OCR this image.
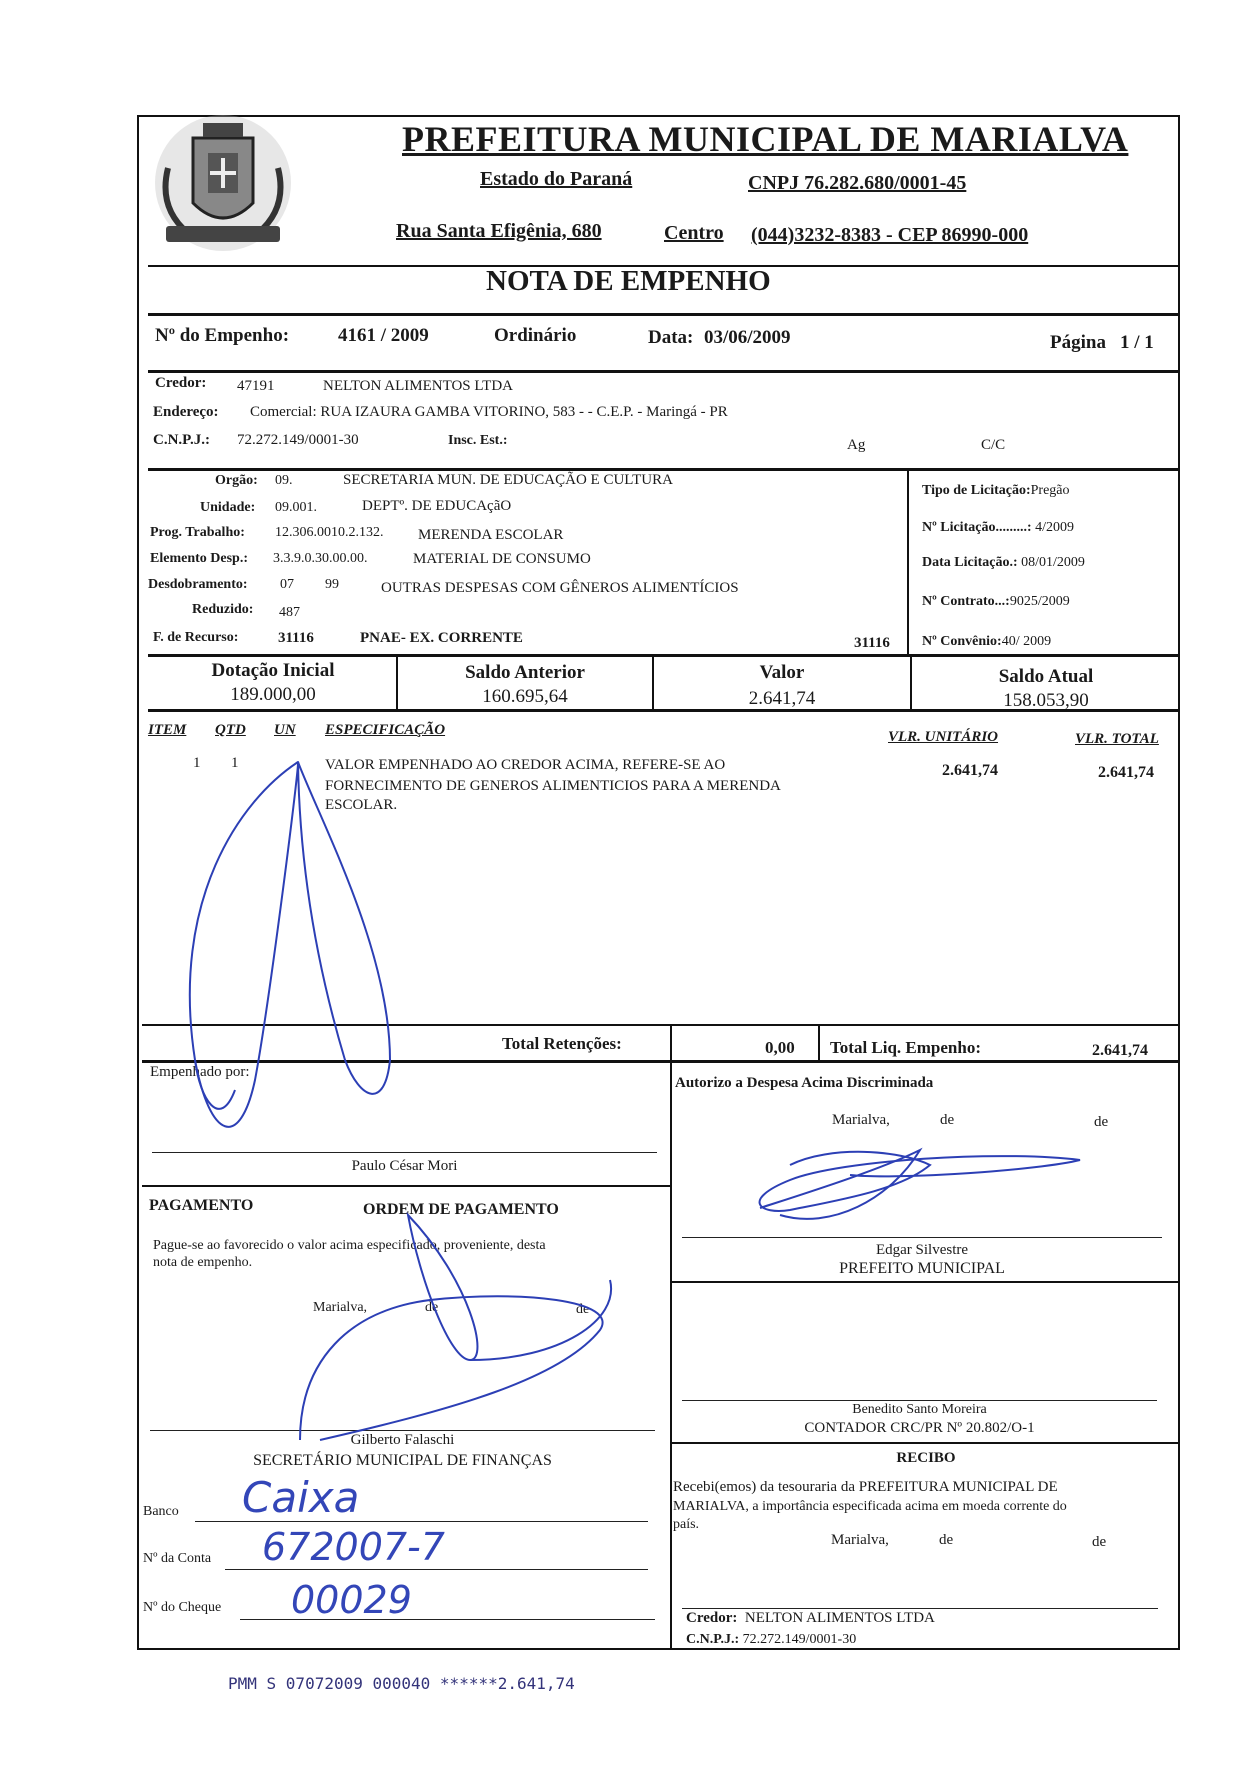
PREFEITURA MUNICIPAL DE MARIALVA
Estado do Paraná	CNPJ 76.282.680/0001-45
Rua Santa Efigênia, 680	Centro (044)3232-8383 - CEP 86990-000
NOTA DE EMPENHO
Nº do Empenho:	4161 / 2009	Ordinário	Data: 03/06/2009	Página 1 / 1
Credor: 47191	NELTON ALIMENTOS LTDA
Endereço: Comercial: RUA IZAURA GAMBA VITORINO, 583 - - C.E.P. - Maringá - PR
C.N.P.J.: 72.272.149/0001-30	Insc. Est.:	Ag	C/C
Orgão: 09.	SECRETARIA MUN. DE EDUCAÇÃO E CULTURA
Unidade: 09.001.	DEPTº. DE EDUCAçãO
Prog. Trabalho: 12.306.0010.2.132. MERENDA ESCOLAR
Elemento Desp.: 3.3.9.0.30.00.00.	MATERIAL DE CONSUMO
Desdobramento: 07 99	OUTRAS DESPESAS COM GÊNEROS ALIMENTÍCIOS
Reduzido: 487
F. de Recurso:	31116	PNAE- EX. CORRENTE	31116
Tipo de Licitação:Pregão
Nº Licitação.........: 4/2009
Data Licitação.: 08/01/2009
Nº Contrato...:9025/2009
Nº Convênio:40/ 2009
Dotação Inicial
189.000,00
Saldo Anterior
160.695,64
Valor
2.641,74
Saldo Atual
158.053,90
ITEM QTD UN ESPECIFICAÇÃO	VLR. UNITÁRIO	VLR. TOTAL
1 1	VALOR EMPENHADO AO CREDOR ACIMA, REFERE-SE AO
FORNECIMENTO DE GENEROS ALIMENTICIOS PARA A MERENDA
ESCOLAR.
2.641,74	2.641,74
Total Retenções:	0,00 Total Liq. Empenho:	2.641,74
Empenhado por:
Paulo César Mori
Autorizo a Despesa Acima Discriminada
Marialva,	de	de
Edgar Silvestre
PREFEITO MUNICIPAL
PAGAMENTO	ORDEM DE PAGAMENTO
Pague-se ao favorecido o valor acima especificado, proveniente, desta
nota de empenho.
Marialva,	de	de
Gilberto Falaschi
SECRETÁRIO MUNICIPAL DE FINANÇAS
Banco Caixa
Nº da Conta 672007-7
Nº do Cheque 00029
Benedito Santo Moreira
CONTADOR CRC/PR Nº 20.802/O-1
RECIBO
Recebi(emos) da tesouraria da PREFEITURA MUNICIPAL DE
MARIALVA, a importância especificada acima em moeda corrente do
país.
Marialva,	de	de
Credor: NELTON ALIMENTOS LTDA
C.N.P.J.: 72.272.149/0001-30
PMM S 07072009 000040 ******2.641,74
